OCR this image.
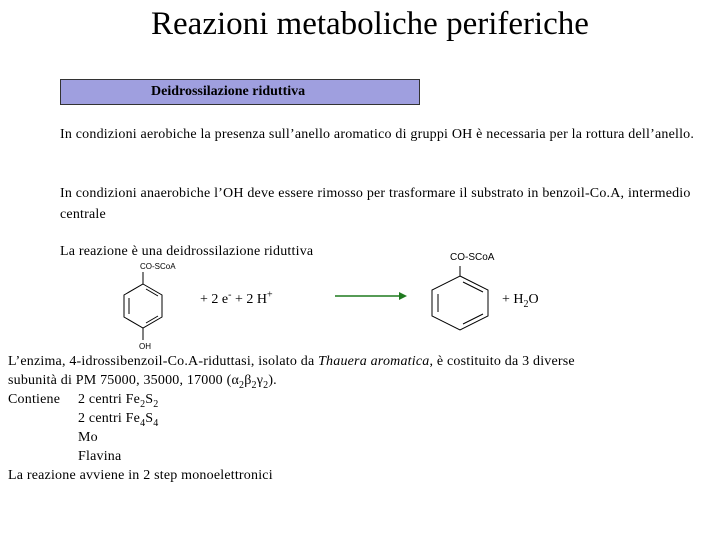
Reazioni metaboliche periferiche
Deidrossilazione riduttiva
In condizioni aerobiche la presenza sull’anello aromatico di gruppi OH è necessaria per la rottura dell’anello.
In condizioni anaerobiche l’OH deve essere rimosso per trasformare il substrato in benzoil-Co.A, intermedio centrale
La reazione è una deidrossilazione riduttiva
CO-SCoA
OH
+ 2 e- + 2 H+
CO-SCoA
+ $H_2O$
L’enzima, 4-idrossibenzoil-Co.A-riduttasi, isolato da Thauera aromatica, è costituito da 3 diverse
subunità di PM 75000, 35000, 17000 $(\alpha_2\beta_2\gamma_2)$.
Contiene 2 centri $Fe_2S_2$
2 centri $Fe_4S_4$
Mo
Flavina
La reazione avviene in 2 step monoelettronici
